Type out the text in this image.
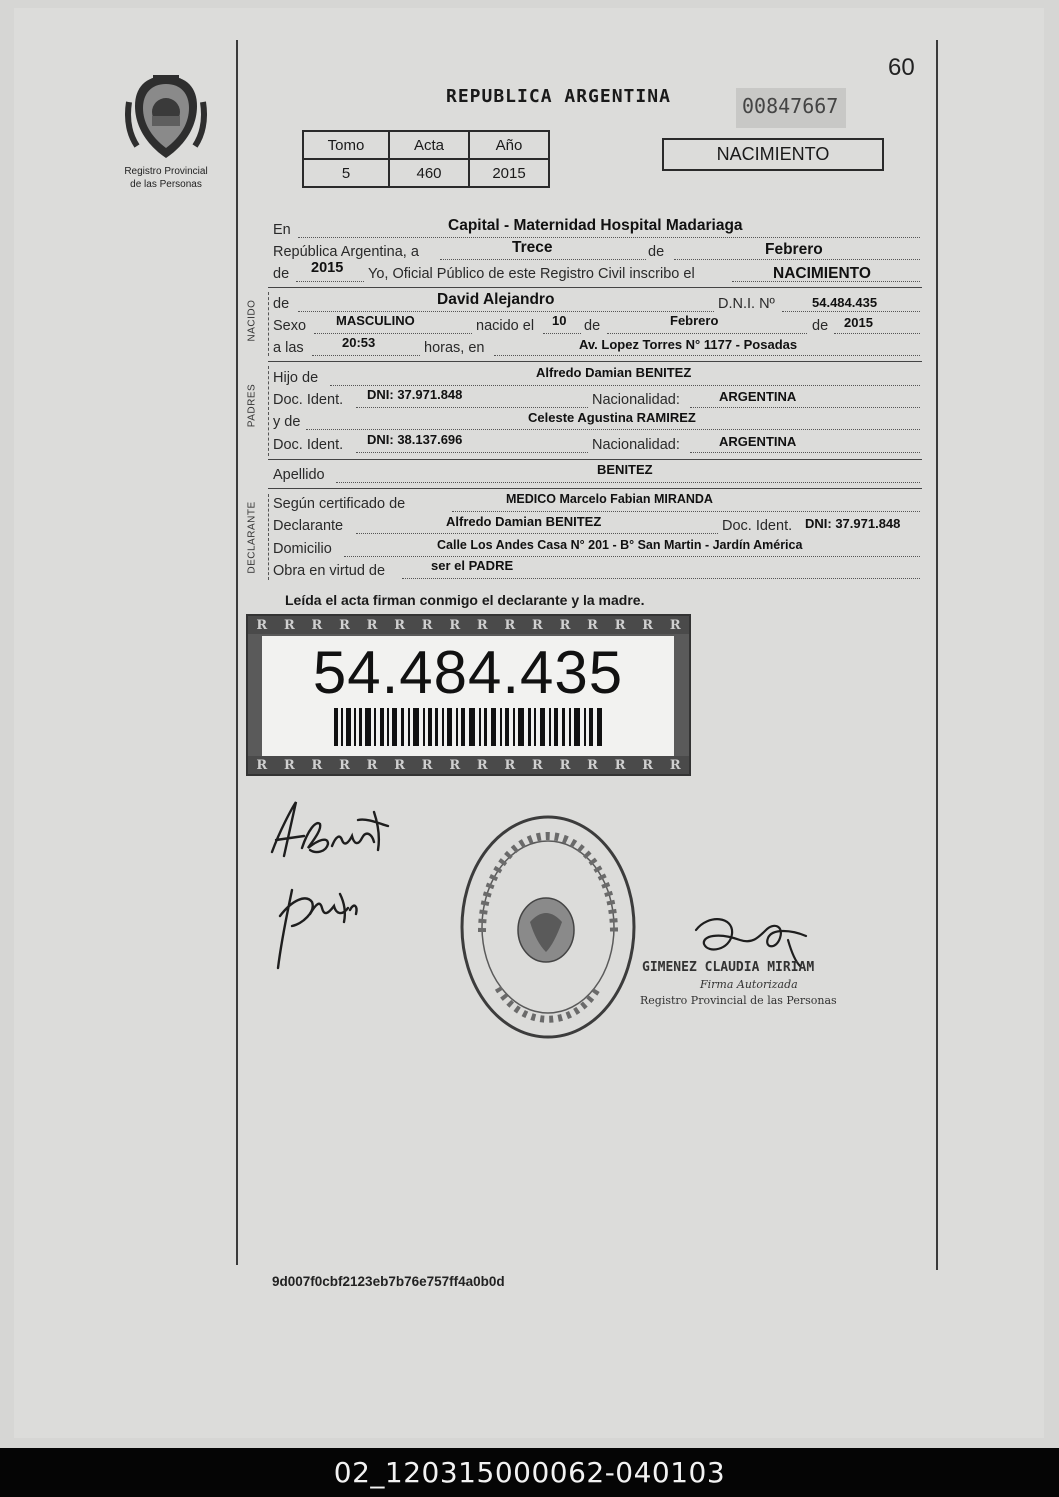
60
Registro Provincial
de las Personas
REPUBLICA ARGENTINA	00847667
Tomo	Acta	Año
5	460	2015
NACIMIENTO
En	Capital - Maternidad Hospital Madariaga
República Argentina, a	Trece	de	Febrero
de 2015 Yo, Oficial Público de este Registro Civil inscribo el	NACIMIENTO
NACIDO de	David Alejandro	D.N.I. Nº	54.484.435
Sexo MASCULINO	nacido el 10 de	Febrero	de 2015
a las	20:53	horas, en	Av. Lopez Torres N° 1177 - Posadas
PADRES
Hijo de	Alfredo Damian BENITEZ
Doc. Ident. DNI: 37.971.848	Nacionalidad:	ARGENTINA
y de	Celeste Agustina RAMIREZ
Doc. Ident. DNI: 38.137.696	Nacionalidad:	ARGENTINA
Apellido	BENITEZ
DECLARANTE Según certificado de	MEDICO Marcelo Fabian MIRANDA
Declarante	Alfredo Damian BENITEZ	Doc. Ident. DNI: 37.971.848
Domicilio	Calle Los Andes Casa N° 201 - B° San Martin - Jardín América
Obra en virtud de	ser el PADRE
Leída el acta firman conmigo el declarante y la madre.
R R R R R R R R R R R R R R R R
54.484.435
R R R R R R R R R R R R R R R R
GIMENEZ CLAUDIA MIRIAM
Firma Autorizada
Registro Provincial de las Personas
9d007f0cbf2123eb7b76e757ff4a0b0d
02_120315000062-040103
